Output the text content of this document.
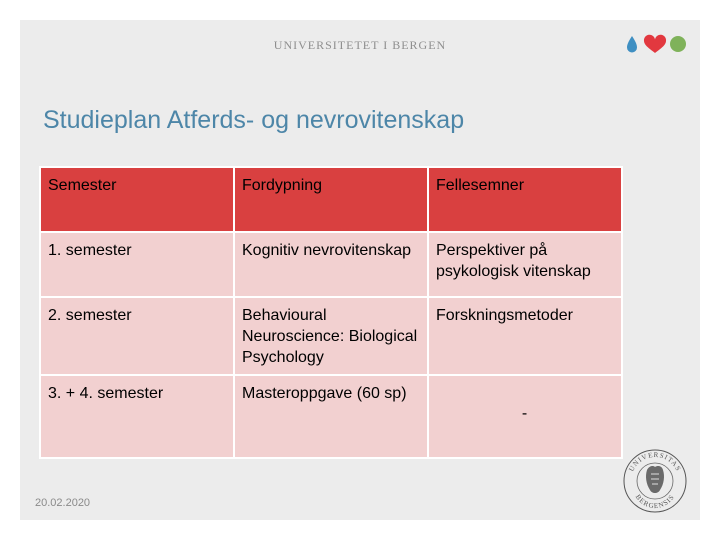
UNIVERSITETET I BERGEN
Studieplan Atferds- og nevrovitenskap
Semester	Fordypning	Fellesemner
1. semester	Kognitiv nevrovitenskap	Perspektiver på psykologisk vitenskap
2. semester	Behavioural Neuroscience: Biological Psychology	Forskningsmetoder
3. + 4. semester	Masteroppgave (60 sp)	-
20.02.2020
UNIVERSITAS
BERGENSIS
